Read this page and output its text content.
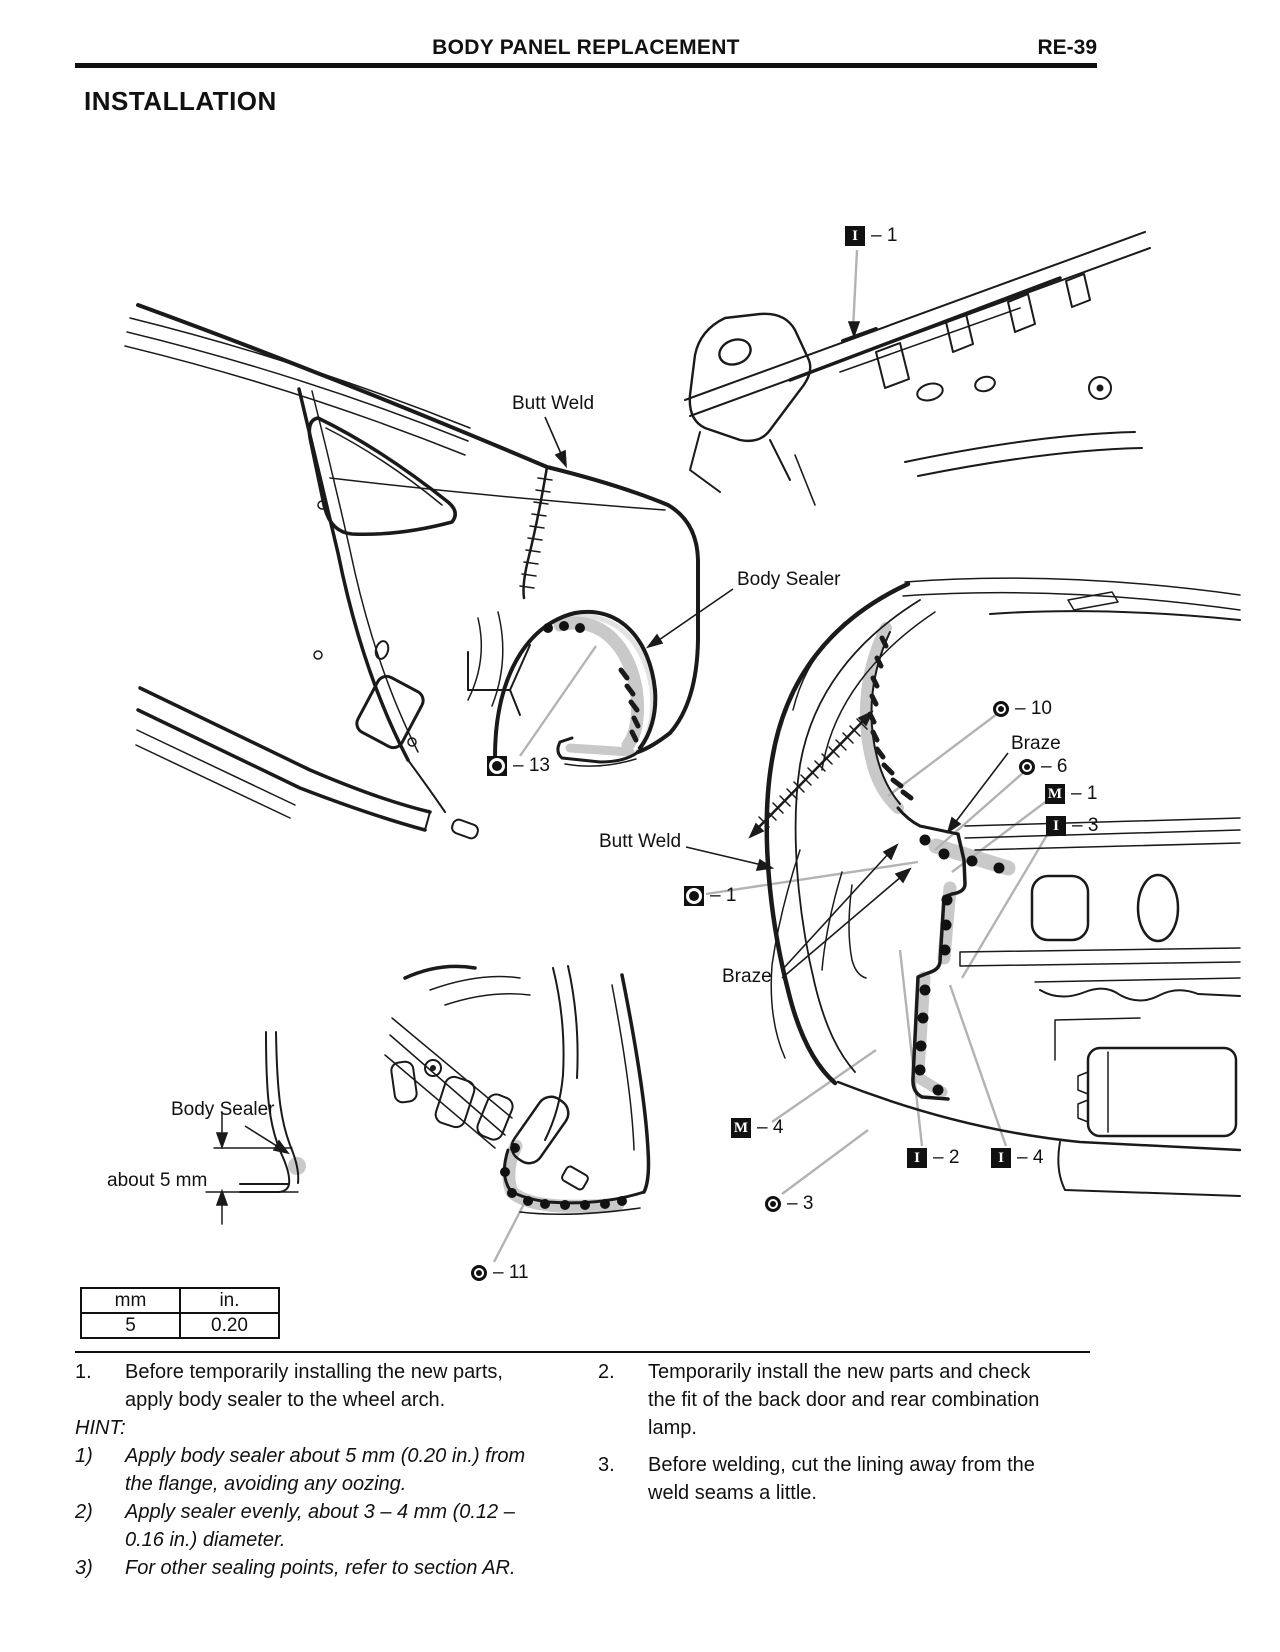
BODY PANEL REPLACEMENT	RE-39
INSTALLATION
Butt Weld
Body Sealer
Butt Weld
Braze
Braze
Body Sealer
about 5 mm
I – 1
– 13
– 1
– 10
– 6
M – 1
I – 3
M – 4
I – 2	I – 4
– 3
– 11
mm	in.
5	0.20
1.	Before temporarily installing the new parts,
apply body sealer to the wheel arch.
HINT:
1)	Apply body sealer about 5 mm (0.20 in.) from
the flange, avoiding any oozing.
2)	Apply sealer evenly, about 3 – 4 mm (0.12 –
0.16 in.) diameter.
3)	For other sealing points, refer to section AR.
2.	Temporarily install the new parts and check
the fit of the back door and rear combination
lamp.
3.	Before welding, cut the lining away from the
weld seams a little.
